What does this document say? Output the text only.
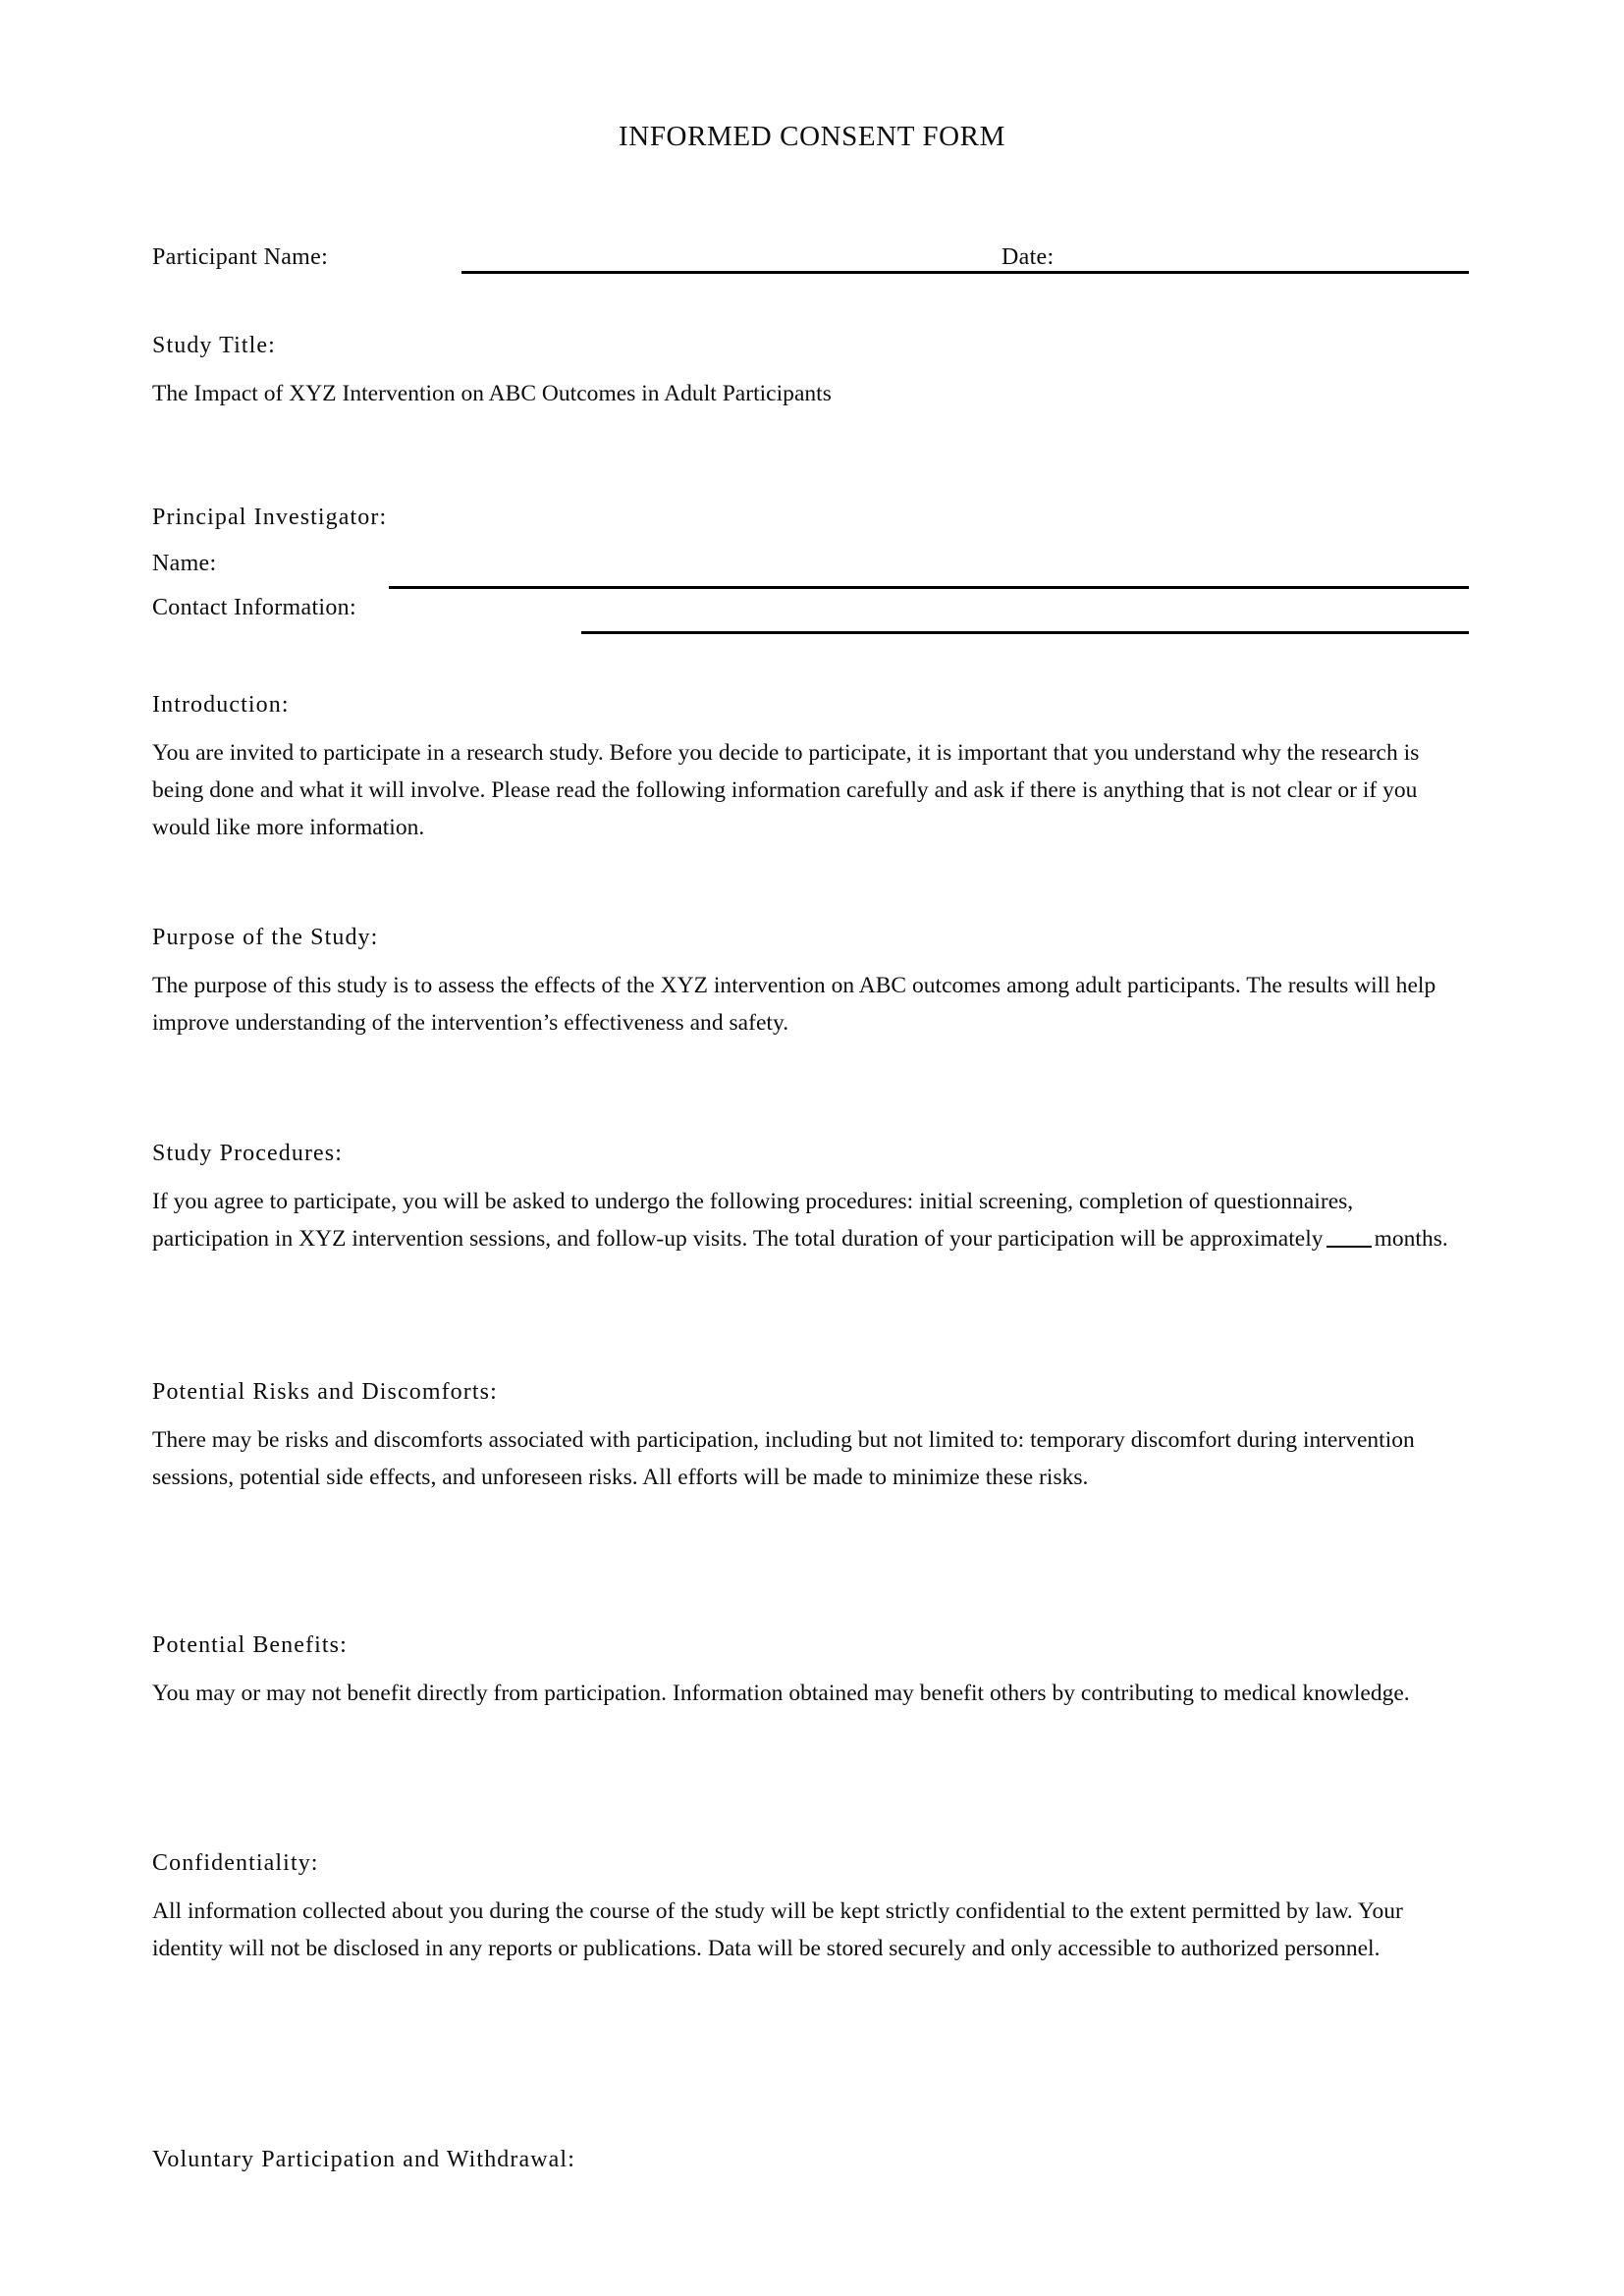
INFORMED CONSENT FORM
Participant Name:	Date:
Study Title:
The Impact of XYZ Intervention on ABC Outcomes in Adult Participants
Principal Investigator:
Name:
Contact Information:
Introduction:

You are invited to participate in a research study. Before you decide to participate, it is important that you understand why the research is being done and what it will involve. Please read the following information carefully and ask if there is anything that is not clear or if you would like more information.

Purpose of the Study:

The purpose of this study is to assess the effects of the XYZ intervention on ABC outcomes among adult participants. The results will help improve understanding of the intervention’s effectiveness and safety.

Study Procedures:

If you agree to participate, you will be asked to undergo the following procedures: initial screening, completion of questionnaires, participation in XYZ intervention sessions, and follow-up visits. The total duration of your participation will be approximately months.

Potential Risks and Discomforts:

There may be risks and discomforts associated with participation, including but not limited to: temporary discomfort during intervention sessions, potential side effects, and unforeseen risks. All efforts will be made to minimize these risks.

Potential Benefits:

You may or may not benefit directly from participation. Information obtained may benefit others by contributing to medical knowledge.

Confidentiality:

All information collected about you during the course of the study will be kept strictly confidential to the extent permitted by law. Your identity will not be disclosed in any reports or publications. Data will be stored securely and only accessible to authorized personnel.

Voluntary Participation and Withdrawal:
